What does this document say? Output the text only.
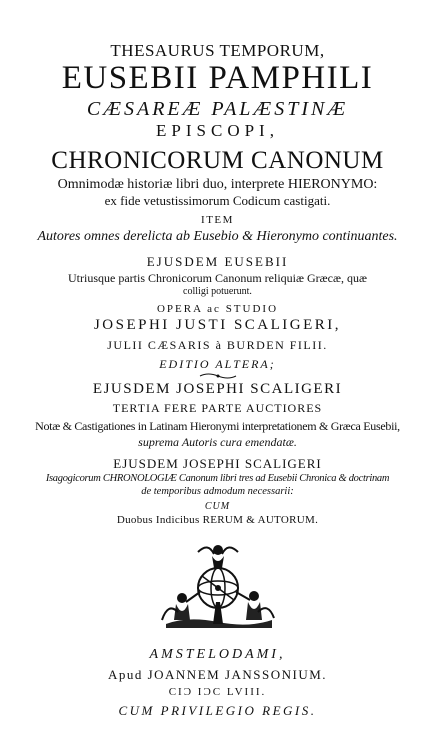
THESAURUS TEMPORUM,
EUSEBII PAMPHILI
CÆSAREÆ PALÆSTINÆ
EPISCOPI,
CHRONICORUM CANONUM
Omnimodæ historiæ libri duo, interprete HIERONYMO:
ex fide vetustissimorum Codicum castigati.
ITEM
Autores omnes derelicta ab Eusebio & Hieronymo continuantes.
EJUSDEM EUSEBII
Utriusque partis Chronicorum Canonum reliquiæ Græcæ, quæ
colligi potuerunt.
OPERA ac STUDIO
JOSEPHI JUSTI SCALIGERI,
JULII CÆSARIS à BURDEN FILII.
EDITIO ALTERA;
EJUSDEM JOSEPHI SCALIGERI
TERTIA FERE PARTE AUCTIORES
Notæ & Castigationes in Latinam Hieronymi interpretationem & Græca Eusebii,
suprema Autoris cura emendatæ.
EJUSDEM JOSEPHI SCALIGERI
Isagogicorum CHRONOLOGIÆ Canonum libri tres ad Eusebii Chronica & doctrinam
de temporibus admodum necessarii:
CUM
Duobus Indicibus RERUM & AUTORUM.
AMSTELODAMI,
Apud JOANNEM JANSSONIUM.
CIƆ IƆC LVIII.
CUM PRIVILEGIO REGIS.
